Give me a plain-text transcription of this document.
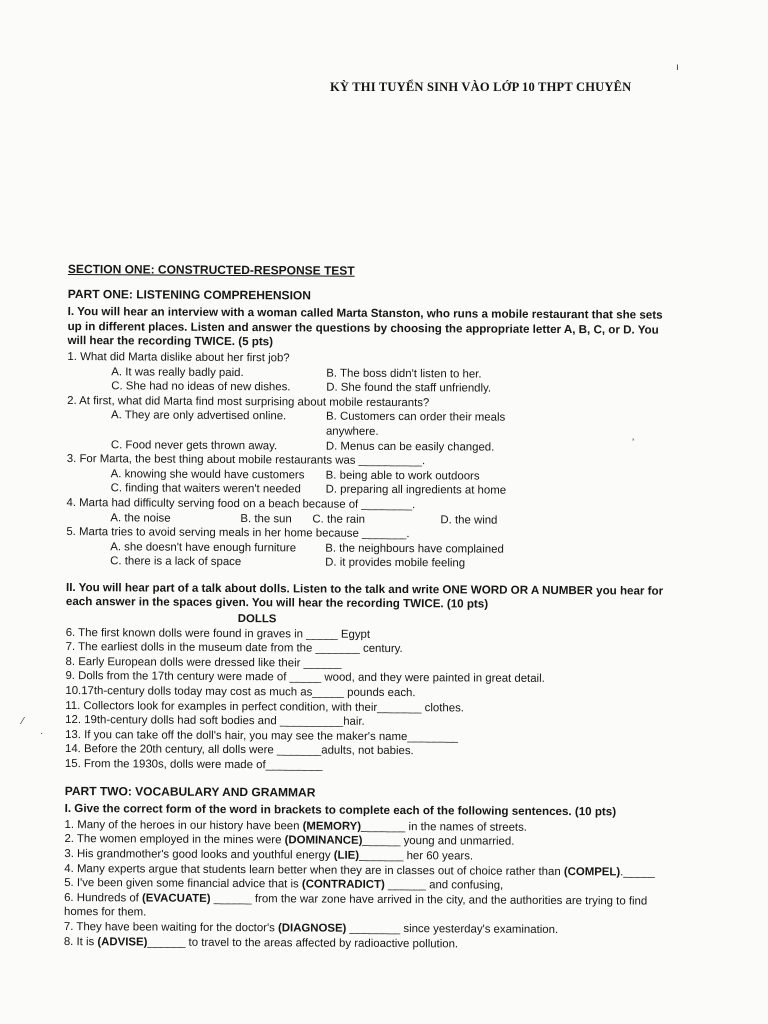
KỲ THI TUYỂN SINH VÀO LỚP 10 THPT CHUYÊN
SECTION ONE: CONSTRUCTED-RESPONSE TEST
PART ONE: LISTENING COMPREHENSION
I. You will hear an interview with a woman called Marta Stanston, who runs a mobile restaurant that she sets up in different places. Listen and answer the questions by choosing the appropriate letter A, B, C, or D. You will hear the recording TWICE. (5 pts)
1. What did Marta dislike about her first job?
A. It was really badly paid.	B. The boss didn't listen to her.
C. She had no ideas of new dishes.	D. She found the staff unfriendly.
2. At first, what did Marta find most surprising about mobile restaurants?
A. They are only advertised online.	B. Customers can order their meals anywhere.
C. Food never gets thrown away.	D. Menus can be easily changed.
3. For Marta, the best thing about mobile restaurants was __________.
A. knowing she would have customers	B. being able to work outdoors
C. finding that waiters weren't needed	D. preparing all ingredients at home
4. Marta had difficulty serving food on a beach because of ________.
A. the noise	B. the sun	C. the rain	D. the wind
5. Marta tries to avoid serving meals in her home because _______.
A. she doesn't have enough furniture	B. the neighbours have complained
C. there is a lack of space	D. it provides mobile feeling
II. You will hear part of a talk about dolls. Listen to the talk and write ONE WORD OR A NUMBER you hear for each answer in the spaces given. You will hear the recording TWICE. (10 pts)
DOLLS
6. The first known dolls were found in graves in _____ Egypt
7. The earliest dolls in the museum date from the _______ century.
8. Early European dolls were dressed like their ______
9. Dolls from the 17th century were made of _____ wood, and they were painted in great detail.
10.17th-century dolls today may cost as much as_____ pounds each.
11. Collectors look for examples in perfect condition, with their_______ clothes.
12. 19th-century dolls had soft bodies and __________hair.
13. If you can take off the doll's hair, you may see the maker's name________
14. Before the 20th century, all dolls were _______adults, not babies.
15. From the 1930s, dolls were made of_________
PART TWO: VOCABULARY AND GRAMMAR
I. Give the correct form of the word in brackets to complete each of the following sentences. (10 pts)
1. Many of the heroes in our history have been (MEMORY)_______ in the names of streets.
2. The women employed in the mines were (DOMINANCE)______ young and unmarried.
3. His grandmother's good looks and youthful energy (LIE)_______ her 60 years.
4. Many experts argue that students learn better when they are in classes out of choice rather than (COMPEL)._____
5. I've been given some financial advice that is (CONTRADICT) ______ and confusing,
6. Hundreds of (EVACUATE) ______ from the war zone have arrived in the city, and the authorities are trying to find homes for them.
7. They have been waiting for the doctor's (DIAGNOSE) ________ since yesterday's examination.
8. It is (ADVISE)______ to travel to the areas affected by radioactive pollution.
⁄
·
ı
ʼ
